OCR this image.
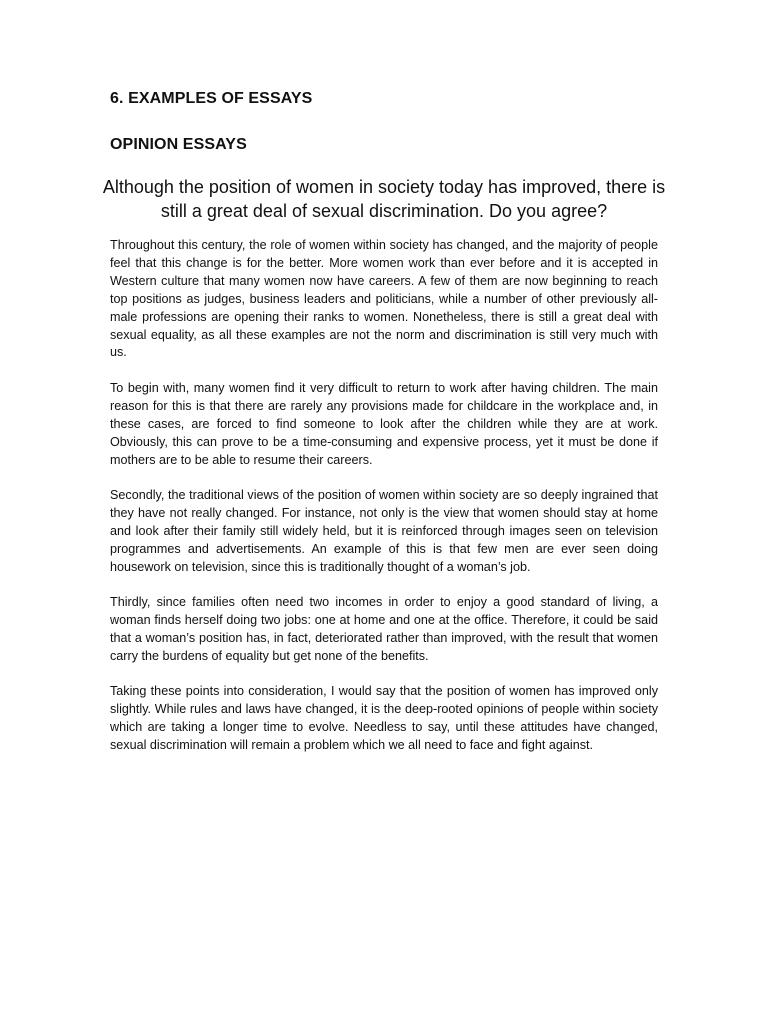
6. EXAMPLES OF ESSAYS
OPINION ESSAYS

Although the position of women in society today has improved, there is still a great deal of sexual discrimination. Do you agree?

Throughout this century, the role of women within society has changed, and the majority of people feel that this change is for the better. More women work than ever before and it is accepted in Western culture that many women now have careers. A few of them are now beginning to reach top positions as judges, business leaders and politicians, while a number of other previously all-male professions are opening their ranks to women. Nonetheless, there is still a great deal with sexual equality, as all these examples are not the norm and discrimination is still very much with us.

To begin with, many women find it very difficult to return to work after having children. The main reason for this is that there are rarely any provisions made for childcare in the workplace and, in these cases, are forced to find someone to look after the children while they are at work. Obviously, this can prove to be a time-consuming and expensive process, yet it must be done if mothers are to be able to resume their careers.

Secondly, the traditional views of the position of women within society are so deeply ingrained that they have not really changed. For instance, not only is the view that women should stay at home and look after their family still widely held, but it is reinforced through images seen on television programmes and advertisements. An example of this is that few men are ever seen doing housework on television, since this is traditionally thought of a woman’s job.

Thirdly, since families often need two incomes in order to enjoy a good standard of living, a woman finds herself doing two jobs: one at home and one at the office. Therefore, it could be said that a woman’s position has, in fact, deteriorated rather than improved, with the result that women carry the burdens of equality but get none of the benefits.

Taking these points into consideration, I would say that the position of women has improved only slightly. While rules and laws have changed, it is the deep-rooted opinions of people within society which are taking a longer time to evolve. Needless to say, until these attitudes have changed, sexual discrimination will remain a problem which we all need to face and fight against.
